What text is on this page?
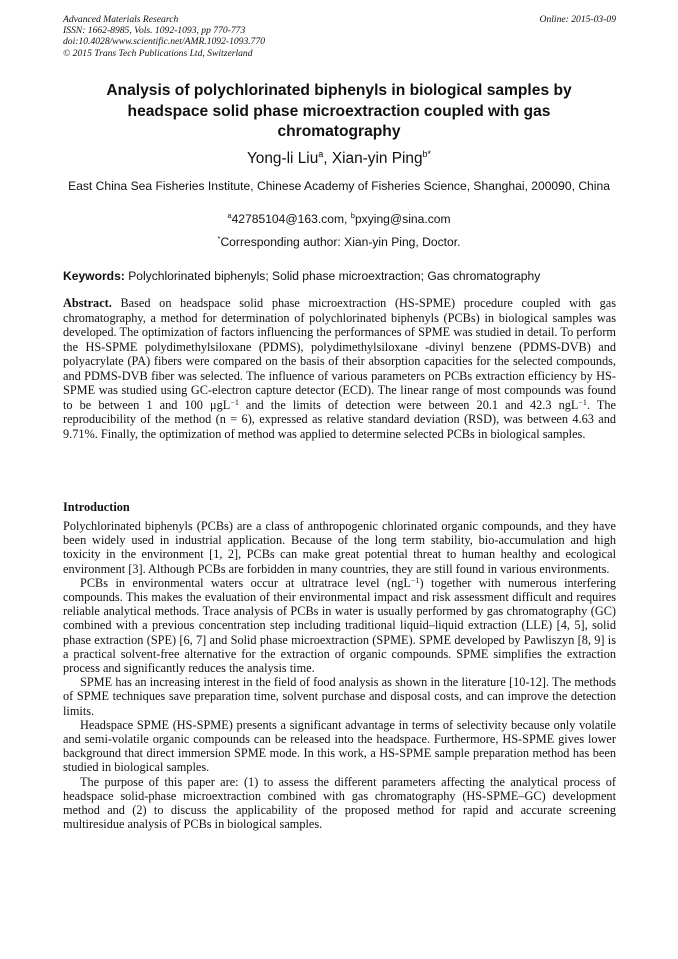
Advanced Materials Research
ISSN: 1662-8985, Vols. 1092-1093, pp 770-773
doi:10.4028/www.scientific.net/AMR.1092-1093.770
© 2015 Trans Tech Publications Ltd, Switzerland
Online: 2015-03-09
Analysis of polychlorinated biphenyls in biological samples by headspace solid phase microextraction coupled with gas chromatography
Yong-li Liu$^a$, Xian-yin Ping$^{b*}$
East China Sea Fisheries Institute, Chinese Academy of Fisheries Science, Shanghai, 200090, China
$^a$42785104@163.com, $^b$pxying@sina.com
*Corresponding author: Xian-yin Ping, Doctor.
Keywords: Polychlorinated biphenyls; Solid phase microextraction; Gas chromatography
Abstract. Based on headspace solid phase microextraction (HS-SPME) procedure coupled with gas chromatography, a method for determination of polychlorinated biphenyls (PCBs) in biological samples was developed. The optimization of factors influencing the performances of SPME was studied in detail. To perform the HS-SPME polydimethylsiloxane (PDMS), polydimethylsiloxane -divinyl benzene (PDMS-DVB) and polyacrylate (PA) fibers were compared on the basis of their absorption capacities for the selected compounds, and PDMS-DVB fiber was selected. The influence of various parameters on PCBs extraction efficiency by HS-SPME was studied using GC-electron capture detector (ECD). The linear range of most compounds was found to be between 1 and 100 μgL$^{-1}$ and the limits of detection were between 20.1 and 42.3 ngL$^{-1}$. The reproducibility of the method (n = 6), expressed as relative standard deviation (RSD), was between 4.63 and 9.71%. Finally, the optimization of method was applied to determine selected PCBs in biological samples.
Introduction

Polychlorinated biphenyls (PCBs) are a class of anthropogenic chlorinated organic compounds, and they have been widely used in industrial application. Because of the long term stability, bio-accumulation and high toxicity in the environment [1, 2], PCBs can make great potential threat to human healthy and ecological environment [3]. Although PCBs are forbidden in many countries, they are still found in various environments.

PCBs in environmental waters occur at ultratrace level (ngL$^{-1}$) together with numerous interfering compounds. This makes the evaluation of their environmental impact and risk assessment difficult and requires reliable analytical methods. Trace analysis of PCBs in water is usually performed by gas chromatography (GC) combined with a previous concentration step including traditional liquid–liquid extraction (LLE) [4, 5], solid phase extraction (SPE) [6, 7] and Solid phase microextraction (SPME). SPME developed by Pawliszyn [8, 9] is a practical solvent-free alternative for the extraction of organic compounds. SPME simplifies the extraction process and significantly reduces the analysis time.

SPME has an increasing interest in the field of food analysis as shown in the literature [10-12]. The methods of SPME techniques save preparation time, solvent purchase and disposal costs, and can improve the detection limits.

Headspace SPME (HS-SPME) presents a significant advantage in terms of selectivity because only volatile and semi-volatile organic compounds can be released into the headspace. Furthermore, HS-SPME gives lower background that direct immersion SPME mode. In this work, a HS-SPME sample preparation method has been studied in biological samples.

The purpose of this paper are: (1) to assess the different parameters affecting the analytical process of headspace solid-phase microextraction combined with gas chromatography (HS-SPME–GC) development method and (2) to discuss the applicability of the proposed method for rapid and accurate screening multiresidue analysis of PCBs in biological samples.
